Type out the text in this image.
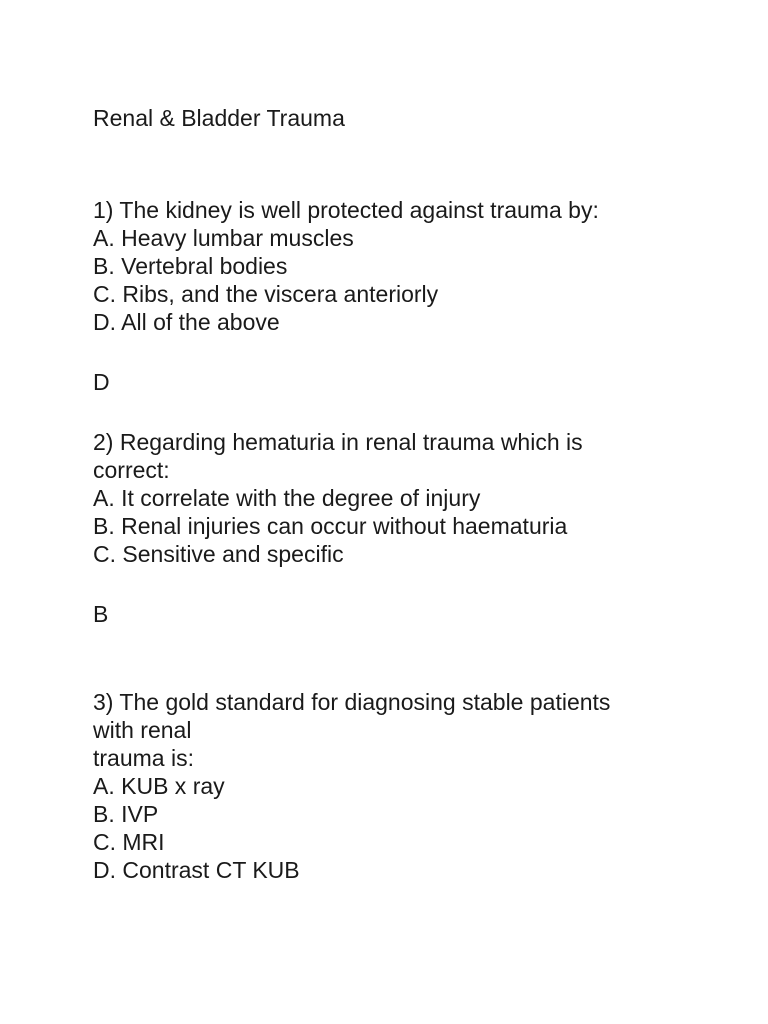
Renal & Bladder Trauma
1) The kidney is well protected against trauma by:
A. Heavy lumbar muscles
B. Vertebral bodies
C. Ribs, and the viscera anteriorly
D. All of the above
D
2) Regarding hematuria in renal trauma which is
correct:
A. It correlate with the degree of injury
B. Renal injuries can occur without haematuria
C. Sensitive and specific
B
3) The gold standard for diagnosing stable patients
with renal
trauma is:
A. KUB x ray
B. IVP
C. MRI
D. Contrast CT KUB
